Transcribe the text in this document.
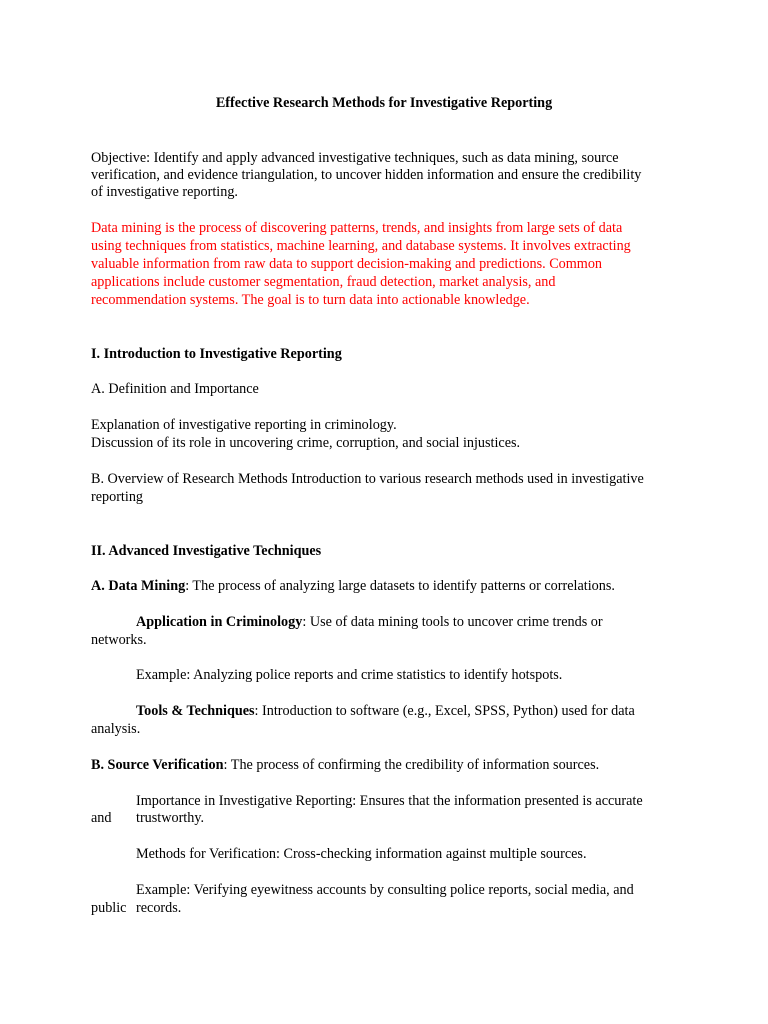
Effective Research Methods for Investigative Reporting
Objective: Identify and apply advanced investigative techniques, such as data mining, source
verification, and evidence triangulation, to uncover hidden information and ensure the credibility
of investigative reporting.
Data mining is the process of discovering patterns, trends, and insights from large sets of data
using techniques from statistics, machine learning, and database systems. It involves extracting
valuable information from raw data to support decision-making and predictions. Common
applications include customer segmentation, fraud detection, market analysis, and
recommendation systems. The goal is to turn data into actionable knowledge.
I. Introduction to Investigative Reporting
A. Definition and Importance
Explanation of investigative reporting in criminology.
Discussion of its role in uncovering crime, corruption, and social injustices.
B. Overview of Research Methods Introduction to various research methods used in investigative
reporting
II. Advanced Investigative Techniques
A. Data Mining: The process of analyzing large datasets to identify patterns or correlations.
Application in Criminology: Use of data mining tools to uncover crime trends or
networks.
Example: Analyzing police reports and crime statistics to identify hotspots.
Tools & Techniques: Introduction to software (e.g., Excel, SPSS, Python) used for data
analysis.
B. Source Verification: The process of confirming the credibility of information sources.
Importance in Investigative Reporting: Ensures that the information presented is accurate
and trustworthy.
Methods for Verification: Cross-checking information against multiple sources.
Example: Verifying eyewitness accounts by consulting police reports, social media, and
public records.
